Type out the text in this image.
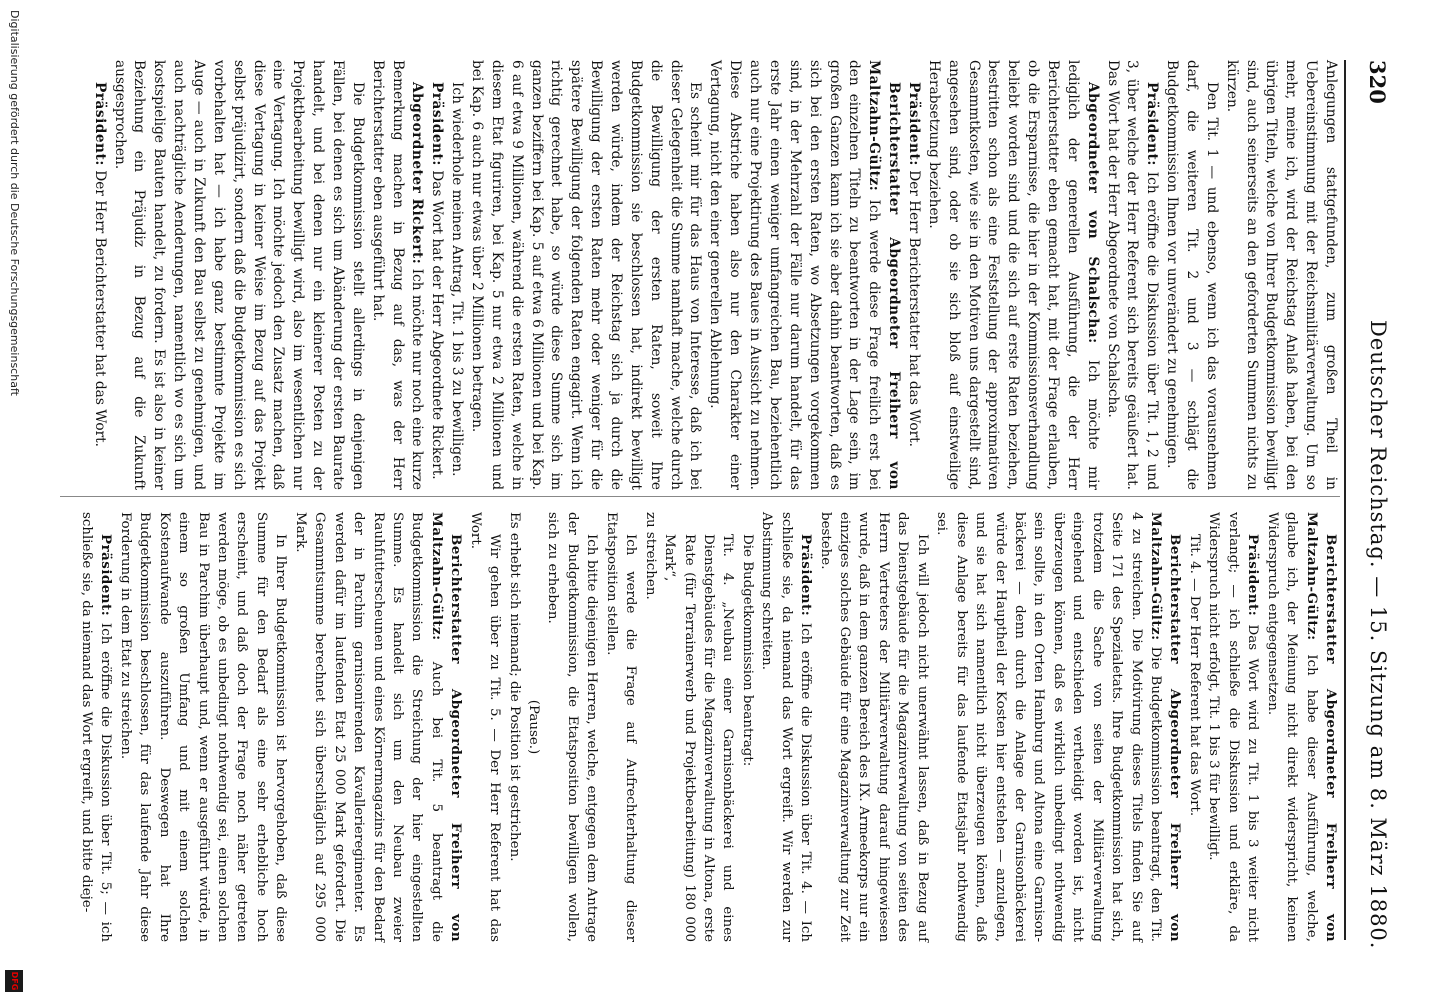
320
Deutscher Reichstag. — 15. Sitzung am 8. März 1880.

Anlegungen stattgefunden, zum großen Theil in Uebereinstimmung mit der Reichsmilitärverwaltung. Um so mehr, meine ich, wird der Reichstag Anlaß haben, bei den übrigen Titeln, welche von Ihrer Budgetkommission bewilligt sind, auch seinerseits an den geforderten Summen nichts zu kürzen.

Den Tit. 1 — und ebenso, wenn ich das vorausnehmen darf, die weiteren Tit. 2 und 3 — schlägt die Budgetkommission Ihnen vor unverändert zu genehmigen.

Präsident: Ich eröffne die Diskussion über Tit. 1, 2 und 3, über welche der Herr Referent sich bereits geäußert hat. Das Wort hat der Herr Abgeordnete von Schalscha.

Abgeordneter von Schalscha: Ich möchte mir lediglich der generellen Ausführung, die der Herr Berichterstatter eben gemacht hat, mit der Frage erlauben, ob die Ersparnisse, die hier in der Kommissionsverhandlung beliebt worden sind und die sich auf erste Raten beziehen, bestritten schon als eine Feststellung der approximativen Gesammtkosten, wie sie in den Motiven uns dargestellt sind, angesehen sind, oder ob sie sich bloß auf einstweilige Herabsetzung beziehen.

Präsident: Der Herr Berichterstatter hat das Wort.

Berichterstatter Abgeordneter Freiherr von Maltzahn-Gültz: Ich werde diese Frage freilich erst bei den einzelnen Titeln zu beantworten in der Lage sein, im großen Ganzen kann ich sie aber dahin beantworten, daß es sich bei den ersten Raten, wo Absetzungen vorgekommen sind, in der Mehrzahl der Fälle nur darum handelt, für das erste Jahr einen weniger umfangreichen Bau, beziehentlich auch nur eine Projektirung des Baues in Aussicht zu nehmen. Diese Abstriche haben also nur den Charakter einer Vertagung, nicht den einer generellen Ablehnung.

Es scheint mir für das Haus von Interesse, daß ich bei dieser Gelegenheit die Summe namhaft mache, welche durch die Bewilligung der ersten Raten, soweit Ihre Budgetkommission sie beschlossen hat, indirekt bewilligt werden würde, indem der Reichstag sich ja durch die Bewilligung der ersten Raten mehr oder weniger für die spätere Bewilligung der folgenden Raten engagirt. Wenn ich richtig gerechnet habe, so würde diese Summe sich im ganzen beziffern bei Kap. 5 auf etwa 6 Millionen und bei Kap. 6 auf etwa 9 Millionen, während die ersten Raten, welche in diesem Etat figuriren, bei Kap. 5 nur etwa 2 Millionen und bei Kap. 6 auch nur etwas über 2 Millionen betragen.

Ich wiederhole meinen Antrag, Tit. 1 bis 3 zu bewilligen.

Präsident: Das Wort hat der Herr Abgeordnete Rickert.

Abgeordneter Rickert: Ich möchte nur noch eine kurze Bemerkung machen in Bezug auf das, was der Herr Berichterstatter eben ausgeführt hat.

Die Budgetkommission stellt allerdings in denjenigen Fällen, bei denen es sich um Abänderung der ersten Baurate handelt, und bei denen nur ein kleinerer Posten zu der Projektbearbeitung bewilligt wird, also im wesentlichen nur eine Vertagung. Ich möchte jedoch den Zusatz machen, daß diese Vertagung in keiner Weise im Bezug auf das Projekt selbst präjudizirt, sondern daß die Budgetkommission es sich vorbehalten hat — ich habe ganz bestimmte Projekte im Auge — auch in Zukunft den Bau selbst zu genehmigen, und auch nachträgliche Aenderungen, namentlich wo es sich um kostspielige Bauten handelt, zu fordern. Es ist also in keiner Beziehung ein Präjudiz in Bezug auf die Zukunft ausgesprochen.

Präsident: Der Herr Berichterstatter hat das Wort.

Berichterstatter Abgeordneter Freiherr von Maltzahn-Gültz: Ich habe dieser Ausführung, welche, glaube ich, der Meinung nicht direkt widerspricht, keinen Widerspruch entgegensetzen.

Präsident: Das Wort wird zu Tit. 1 bis 3 weiter nicht verlangt; — ich schließe die Diskussion und erkläre, da Widerspruch nicht erfolgt, Tit. 1 bis 3 für bewilligt.

Tit. 4. — Der Herr Referent hat das Wort.

Berichterstatter Abgeordneter Freiherr von Maltzahn-Gültz: Die Budgetkommission beantragt, den Tit. 4 zu streichen. Die Motivirung dieses Titels finden Sie auf Seite 171 des Spezialetats. Ihre Budgetkommission hat sich, trotzdem die Sache von seiten der Militärverwaltung eingehend und entschieden vertheidigt worden ist, nicht überzeugen können, daß es wirklich unbedingt nothwendig sein sollte, in den Orten Hamburg und Altona eine Garnison-bäckerei — denn durch die Anlage der Garnisonbäckerei würde der Hauptheil der Kosten hier entstehen — anzulegen, und sie hat sich namentlich nicht überzeugen können, daß diese Anlage bereits für das laufende Etatsjahr nothwendig sei.

Ich will jedoch nicht unerwähnt lassen, daß in Bezug auf das Dienstgebäude für die Magazinverwaltung von seiten des Herrn Vertreters der Militärverwaltung darauf hingewiesen wurde, daß in dem ganzen Bereich des IX. Armeekorps nur ein einziges solches Gebäude für eine Magazinverwaltung zur Zeit bestehe.

Präsident: Ich eröffne die Diskussion über Tit. 4. — Ich schließe sie, da niemand das Wort ergreift. Wir werden zur Abstimmung schreiten.

Die Budgetkommission beantragt:

Tit. 4. „Neubau einer Garnisonbäckerei und eines Dienstgebäudes für die Magazinverwaltung in Altona, erste Rate (für Terrainerwerb und Projektbearbeitung) 180 000 Mark“,

zu streichen.

Ich werde die Frage auf Aufrechterhaltung dieser Etatsposition stellen.

Ich bitte diejenigen Herren, welche, entgegen dem Antrage der Budgetkommission, die Etatsposition bewilligen wollen, sich zu erheben.

(Pause.)

Es erhebt sich niemand; die Position ist gestrichen.

Wir gehen über zu Tit. 5. — Der Herr Referent hat das Wort.

Berichterstatter Abgeordneter Freiherr von Maltzahn-Gültz: Auch bei Tit. 5 beantragt die Budgetkommission die Streichung der hier eingestellten Summe. Es handelt sich um den Neubau zweier Rauhfutterscheunen und eines Körnermagazins für den Bedarf der in Parchim garnisonirenden Kavallerieregimenter. Es werden dafür im laufenden Etat 25 000 Mark gefordert. Die Gesammtsumme berechnet sich überschläglich auf 295 000 Mark.

In Ihrer Budgetkommission ist hervorgehoben, daß diese Summe für den Bedarf als eine sehr erhebliche hoch erscheint, und daß doch der Frage noch näher getreten werden möge, ob es unbedingt nothwendig sei, einen solchen Bau in Parchim überhaupt und, wenn er ausgeführt würde, in einem so großen Umfang und mit einem solchen Kostenaufwande auszuführen. Deswegen hat Ihre Budgetkommission beschlossen, für das laufende Jahr diese Forderung in dem Etat zu streichen.

Präsident: Ich eröffne die Diskussion über Tit. 5; — ich schließe sie, da niemand das Wort ergreift, und bitte dieje-

Digitalisierung gefördert durch die Deutsche Forschungsgemeinschaft
DFG
